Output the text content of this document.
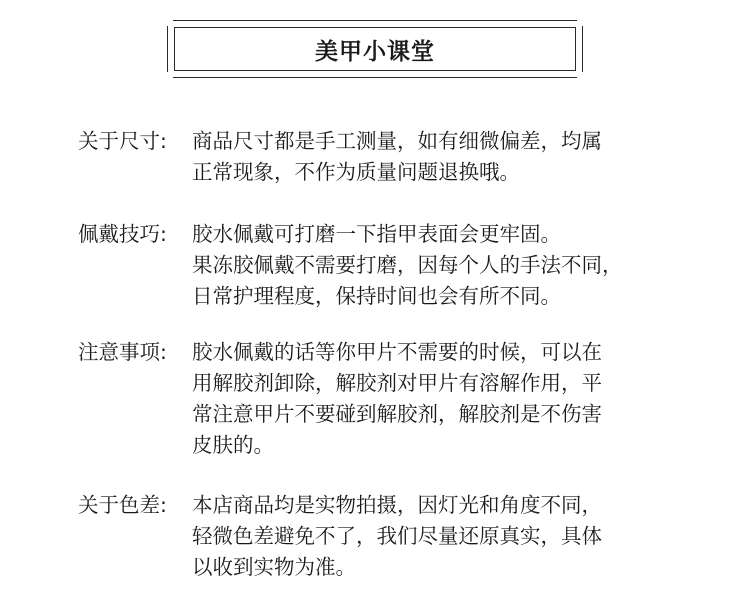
美甲小课堂
关于尺寸:	商品尺寸都是手工测量，如有细微偏差，均属
正常现象，不作为质量问题退换哦。
佩戴技巧:	胶水佩戴可打磨一下指甲表面会更牢固。
果冻胶佩戴不需要打磨，因每个人的手法不同，
日常护理程度，保持时间也会有所不同。
注意事项:	胶水佩戴的话等你甲片不需要的时候，可以在
用解胶剂卸除，解胶剂对甲片有溶解作用，平
常注意甲片不要碰到解胶剂，解胶剂是不伤害
皮肤的。
关于色差:	本店商品均是实物拍摄，因灯光和角度不同，
轻微色差避免不了，我们尽量还原真实，具体
以收到实物为准。
